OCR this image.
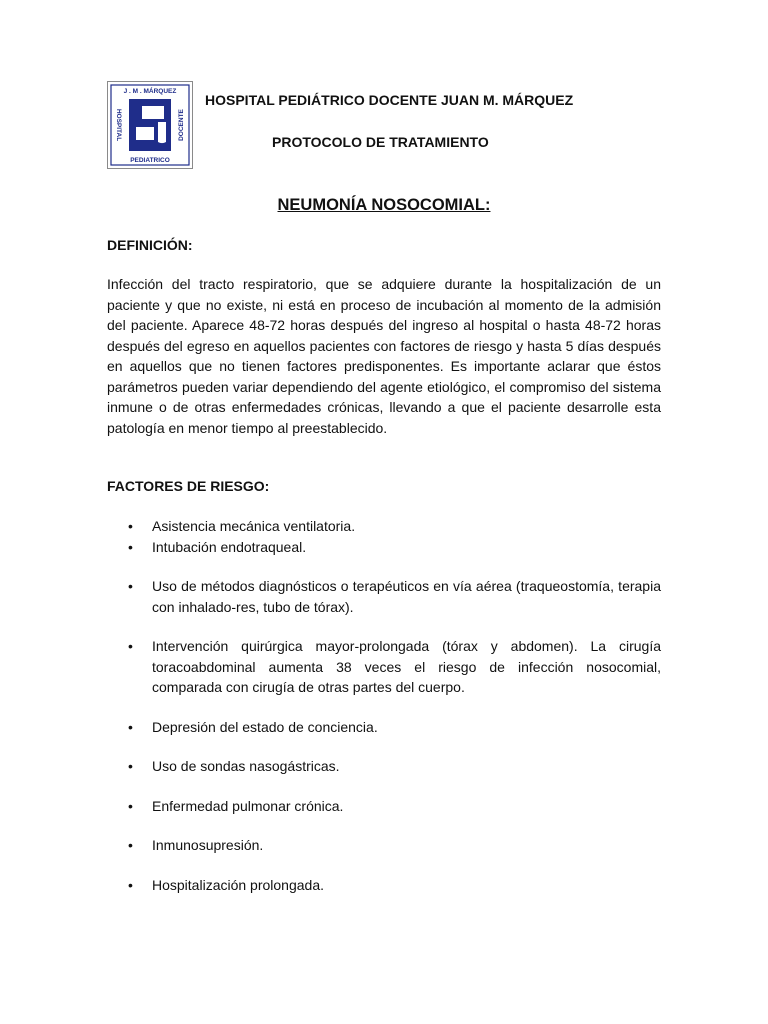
J . M . MÁRQUEZ
PEDIATRICO
HOSPITAL	DOCENTE
HOSPITAL PEDIÁTRICO DOCENTE JUAN M. MÁRQUEZ
PROTOCOLO DE TRATAMIENTO
NEUMONÍA NOSOCOMIAL:
DEFINICIÓN:

Infección del tracto respiratorio, que se adquiere durante la hospitalización de un paciente y que no existe, ni está en proceso de incubación al momento de la admisión del paciente. Aparece 48-72 horas después del ingreso al hospital o hasta 48-72 horas después del egreso en aquellos pacientes con factores de riesgo y hasta 5 días después en aquellos que no tienen factores predisponentes. Es importante aclarar que éstos parámetros pueden variar dependiendo del agente etiológico, el compromiso del sistema inmune o de otras enfermedades crónicas, llevando a que el paciente desarrolle esta patología en menor tiempo al preestablecido.

FACTORES DE RIESGO:
• Asistencia mecánica ventilatoria.
• Intubación endotraqueal.
• Uso de métodos diagnósticos o terapéuticos en vía aérea (traqueostomía, terapia con inhalado-res, tubo de tórax).
• Intervención quirúrgica mayor-prolongada (tórax y abdomen). La cirugía toracoabdominal aumenta 38 veces el riesgo de infección nosocomial, comparada con cirugía de otras partes del cuerpo.
• Depresión del estado de conciencia.
• Uso de sondas nasogástricas.
• Enfermedad pulmonar crónica.
• Inmunosupresión.
• Hospitalización prolongada.
